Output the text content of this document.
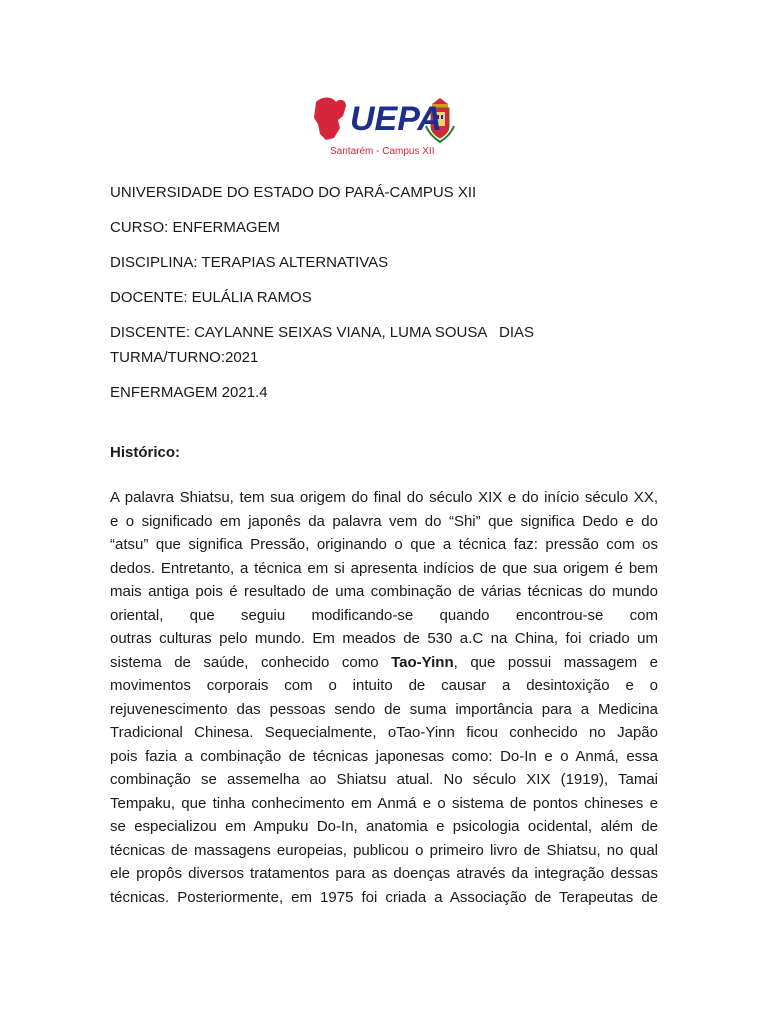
UEPA
Santarém - Campus XII
UNIVERSIDADE DO ESTADO DO PARÁ-CAMPUS XII
CURSO: ENFERMAGEM
DISCIPLINA: TERAPIAS ALTERNATIVAS
DOCENTE: EULÁLIA RAMOS
DISCENTE: CAYLANNE SEIXAS VIANA, LUMA SOUSA   DIAS
TURMA/TURNO:2021
ENFERMAGEM 2021.4
Histórico:
A palavra Shiatsu, tem sua origem do final do século XIX e do início século XX,
e o significado em japonês da palavra vem do “Shi” que significa Dedo e do
“atsu” que significa Pressão, originando o que a técnica faz: pressão com os
dedos. Entretanto, a técnica em si apresenta indícios de que sua origem é bem
mais antiga pois é resultado de uma combinação de várias técnicas do mundo
oriental, que seguiu modificando-se quando encontrou-se com
outras culturas pelo mundo. Em meados de 530 a.C na China, foi criado um
sistema de saúde, conhecido como Tao-Yinn, que possui massagem e
movimentos corporais com o intuito de causar a desintoxição e o
rejuvenescimento das pessoas sendo de suma importância para a Medicina
Tradicional Chinesa. Sequecialmente, oTao-Yinn ficou conhecido no Japão
pois fazia a combinação de técnicas japonesas como: Do-In e o Anmá, essa
combinação se assemelha ao Shiatsu atual. No século XIX (1919), Tamai
Tempaku, que tinha conhecimento em Anmá e o sistema de pontos chineses e
se especializou em Ampuku Do-In, anatomia e psicologia ocidental, além de
técnicas de massagens europeias, publicou o primeiro livro de Shiatsu, no qual
ele propôs diversos tratamentos para as doenças através da integração dessas
técnicas. Posteriormente, em 1975 foi criada a Associação de Terapeutas de
